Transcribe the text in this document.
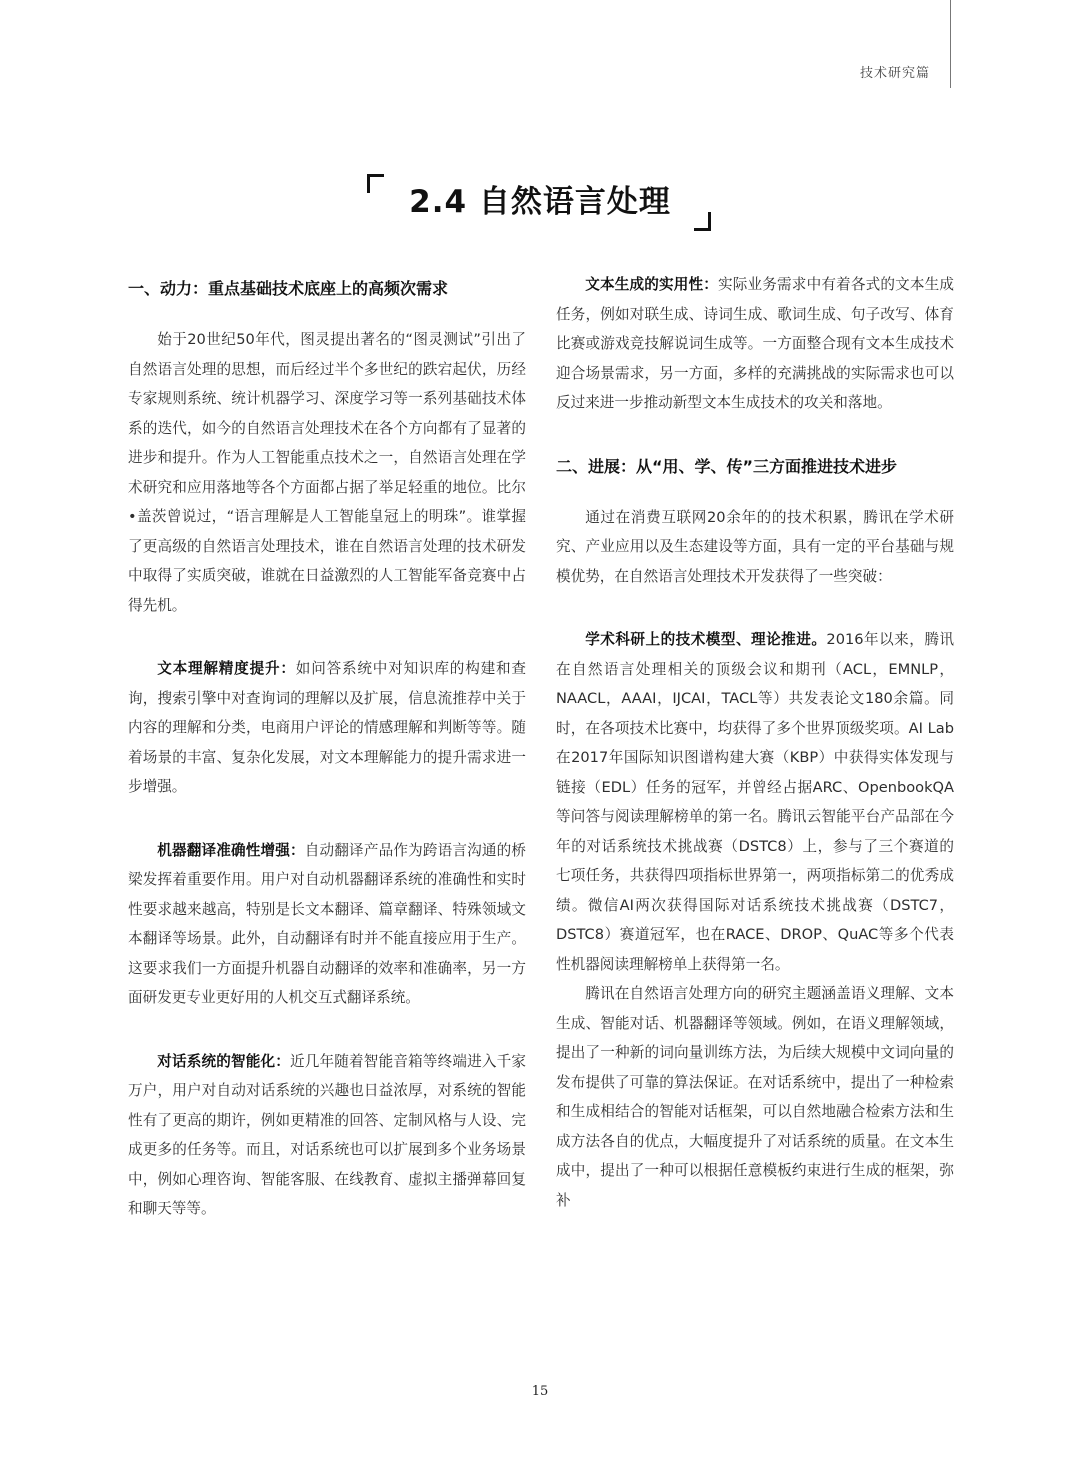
技术研究篇
2.4 自然语言处理
一、动力：重点基础技术底座上的高频次需求

始于20世纪50年代，图灵提出著名的“图灵测试”引出了自然语言处理的思想，而后经过半个多世纪的跌宕起伏，历经专家规则系统、统计机器学习、深度学习等一系列基础技术体系的迭代，如今的自然语言处理技术在各个方向都有了显著的进步和提升。作为人工智能重点技术之一，自然语言处理在学术研究和应用落地等各个方面都占据了举足轻重的地位。比尔•盖茨曾说过，“语言理解是人工智能皇冠上的明珠”。谁掌握了更高级的自然语言处理技术，谁在自然语言处理的技术研发中取得了实质突破，谁就在日益激烈的人工智能军备竞赛中占得先机。

文本理解精度提升：如问答系统中对知识库的构建和查询，搜索引擎中对查询词的理解以及扩展，信息流推荐中关于内容的理解和分类，电商用户评论的情感理解和判断等等。随着场景的丰富、复杂化发展，对文本理解能力的提升需求进一步增强。

机器翻译准确性增强：自动翻译产品作为跨语言沟通的桥梁发挥着重要作用。用户对自动机器翻译系统的准确性和实时性要求越来越高，特别是长文本翻译、篇章翻译、特殊领域文本翻译等场景。此外，自动翻译有时并不能直接应用于生产。这要求我们一方面提升机器自动翻译的效率和准确率，另一方面研发更专业更好用的人机交互式翻译系统。

对话系统的智能化：近几年随着智能音箱等终端进入千家万户，用户对自动对话系统的兴趣也日益浓厚，对系统的智能性有了更高的期许，例如更精准的回答、定制风格与人设、完成更多的任务等。而且，对话系统也可以扩展到多个业务场景中，例如心理咨询、智能客服、在线教育、虚拟主播弹幕回复和聊天等等。

文本生成的实用性：实际业务需求中有着各式的文本生成任务，例如对联生成、诗词生成、歌词生成、句子改写、体育比赛或游戏竞技解说词生成等。一方面整合现有文本生成技术迎合场景需求，另一方面，多样的充满挑战的实际需求也可以反过来进一步推动新型文本生成技术的攻关和落地。

二、进展：从“用、学、传”三方面推进技术进步

通过在消费互联网20余年的的技术积累，腾讯在学术研究、产业应用以及生态建设等方面，具有一定的平台基础与规模优势，在自然语言处理技术开发获得了一些突破：

学术科研上的技术模型、理论推进。2016年以来，腾讯在自然语言处理相关的顶级会议和期刊（ACL，EMNLP，NAACL，AAAI，IJCAI，TACL等）共发表论文180余篇。同时，在各项技术比赛中，均获得了多个世界顶级奖项。AI Lab在2017年国际知识图谱构建大赛（KBP）中获得实体发现与链接（EDL）任务的冠军，并曾经占据ARC、OpenbookQA等问答与阅读理解榜单的第一名。腾讯云智能平台产品部在今年的对话系统技术挑战赛（DSTC8）上，参与了三个赛道的七项任务，共获得四项指标世界第一，两项指标第二的优秀成绩。微信AI两次获得国际对话系统技术挑战赛（DSTC7，DSTC8）赛道冠军，也在RACE、DROP、QuAC等多个代表性机器阅读理解榜单上获得第一名。

腾讯在自然语言处理方向的研究主题涵盖语义理解、文本生成、智能对话、机器翻译等领域。例如，在语义理解领域，提出了一种新的词向量训练方法，为后续大规模中文词向量的发布提供了可靠的算法保证。在对话系统中，提出了一种检索和生成相结合的智能对话框架，可以自然地融合检索方法和生成方法各自的优点，大幅度提升了对话系统的质量。在文本生成中，提出了一种可以根据任意模板约束进行生成的框架，弥补

15
